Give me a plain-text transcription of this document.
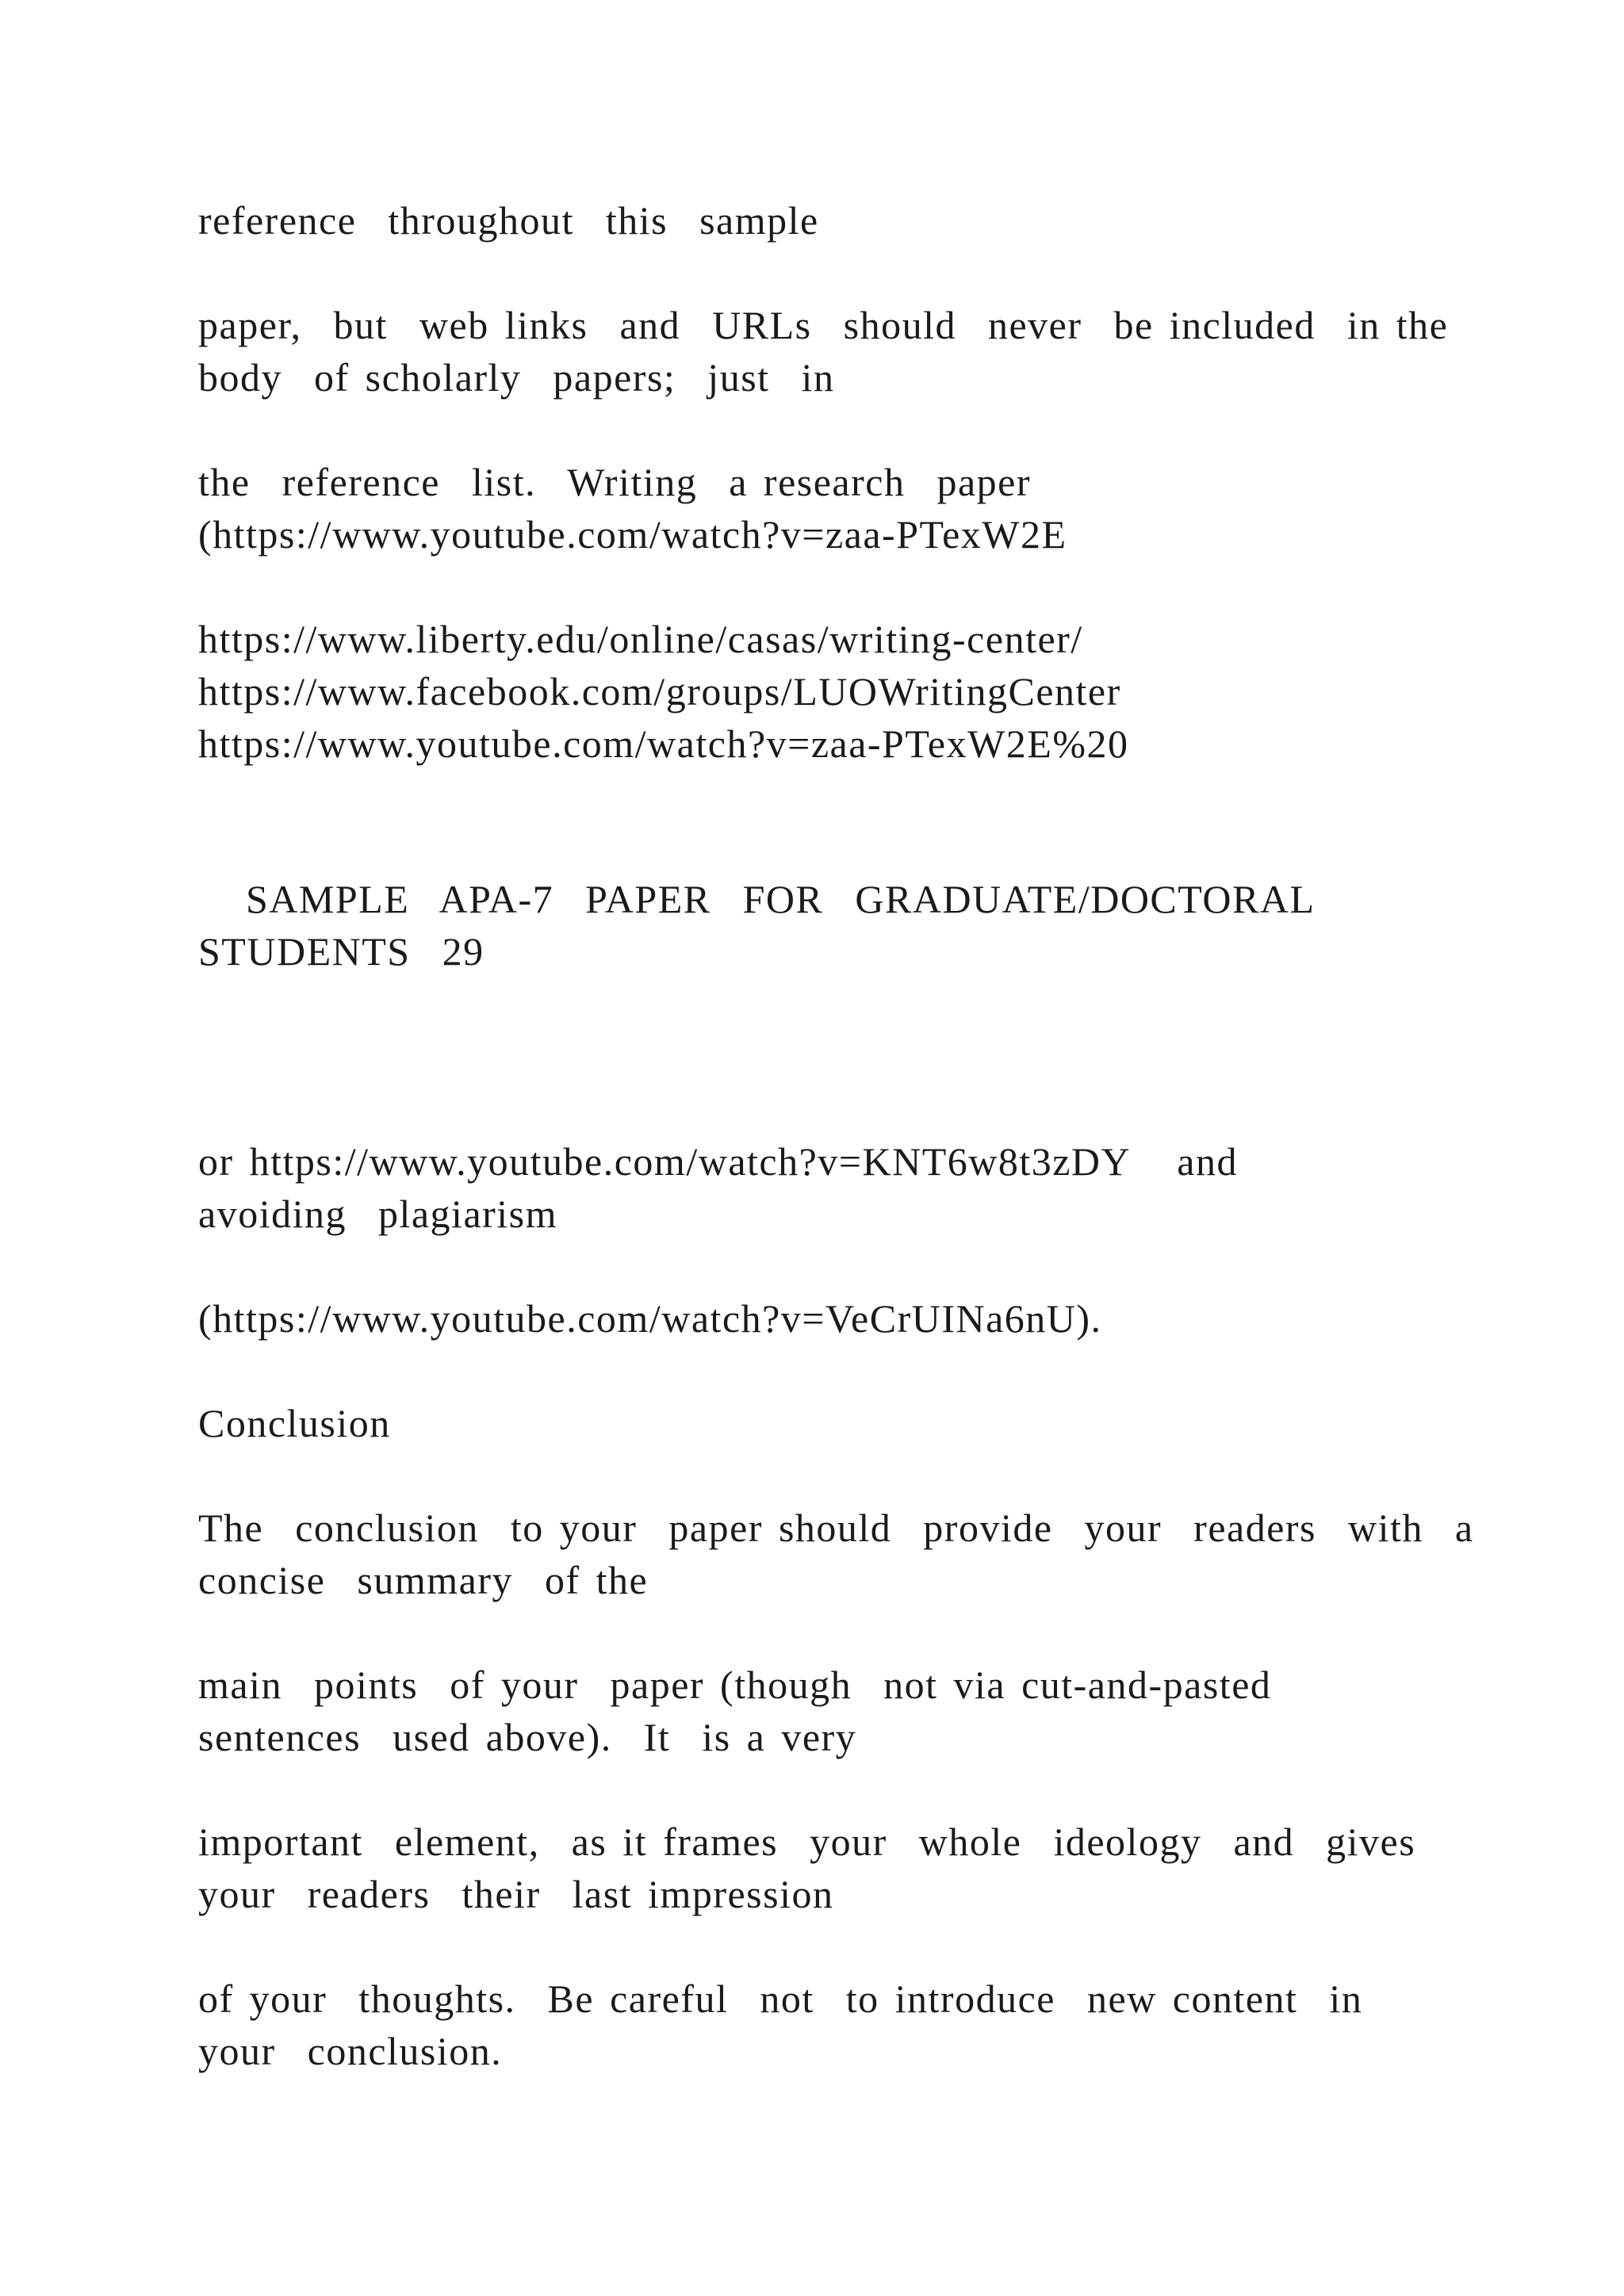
reference  throughout  this  sample
paper,  but  web links  and  URLs  should  never  be included  in the
body  of scholarly  papers;  just  in
the  reference  list.  Writing  a research  paper
(https://www.youtube.com/watch?v=zaa-PTexW2E
https://www.liberty.edu/online/casas/writing-center/
https://www.facebook.com/groups/LUOWritingCenter
https://www.youtube.com/watch?v=zaa-PTexW2E%20
SAMPLE  APA-7  PAPER  FOR  GRADUATE/DOCTORAL
STUDENTS  29
or https://www.youtube.com/watch?v=KNT6w8t3zDY   and
avoiding  plagiarism
(https://www.youtube.com/watch?v=VeCrUINa6nU).
Conclusion
The  conclusion  to your  paper should  provide  your  readers  with  a
concise  summary  of the
main  points  of your  paper (though  not via cut-and-pasted
sentences  used above).  It  is a very
important  element,  as it frames  your  whole  ideology  and  gives
your  readers  their  last impression
of your  thoughts.  Be careful  not  to introduce  new content  in
your  conclusion.
